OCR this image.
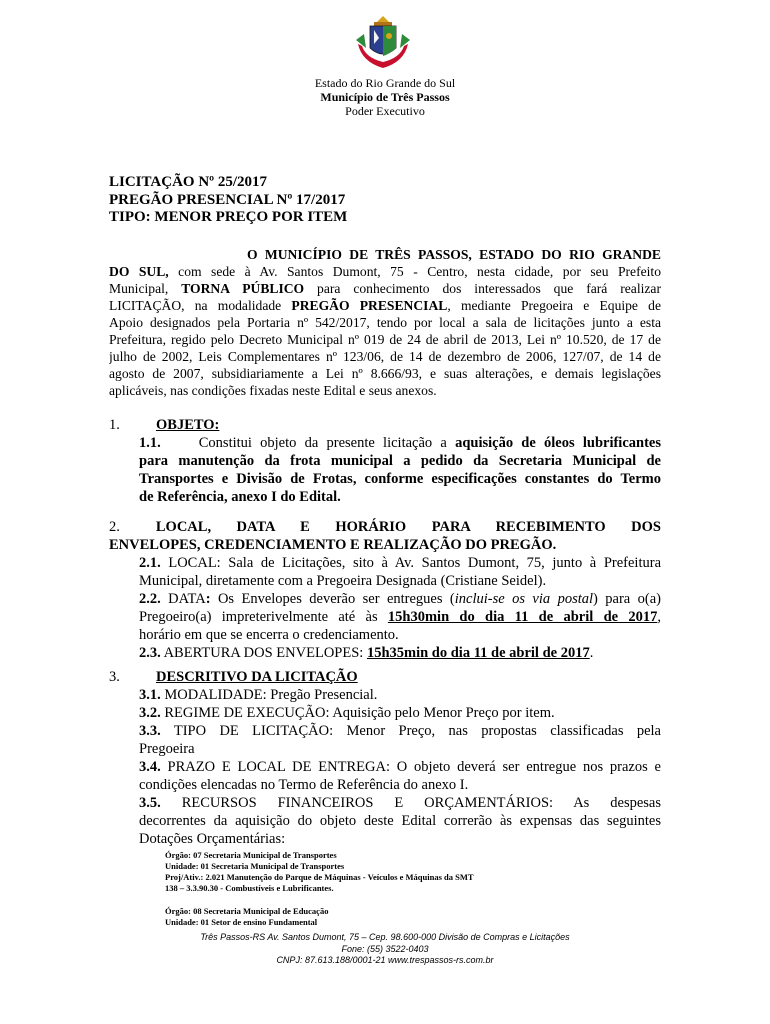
Estado do Rio Grande do Sul
Município de Três Passos
Poder Executivo
LICITAÇÃO Nº 25/2017
PREGÃO PRESENCIAL Nº 17/2017
TIPO: MENOR PREÇO POR ITEM
O MUNICÍPIO DE TRÊS PASSOS, ESTADO DO RIO GRANDE
DO SUL, com sede à Av. Santos Dumont, 75 - Centro, nesta cidade, por seu Prefeito
Municipal, TORNA PÚBLICO para conhecimento dos interessados que fará realizar
LICITAÇÃO, na modalidade PREGÃO PRESENCIAL, mediante Pregoeira e Equipe de
Apoio designados pela Portaria nº 542/2017, tendo por local a sala de licitações junto a esta
Prefeitura, regido pelo Decreto Municipal nº 019 de 24 de abril de 2013, Lei nº 10.520, de 17 de
julho de 2002, Leis Complementares nº 123/06, de 14 de dezembro de 2006, 127/07, de 14 de
agosto de 2007, subsidiariamente a Lei nº 8.666/93, e suas alterações, e demais legislações
aplicáveis, nas condições fixadas neste Edital e seus anexos.
1. OBJETO:
1.1.	Constitui objeto da presente licitação a aquisição de óleos lubrificantes
para manutenção da frota municipal a pedido da Secretaria Municipal de
Transportes e Divisão de Frotas, conforme especificações constantes do Termo
de Referência, anexo I do Edital.
2. LOCAL, DATA E HORÁRIO PARA RECEBIMENTO DOS
ENVELOPES, CREDENCIAMENTO E REALIZAÇÃO DO PREGÃO.
2.1. LOCAL: Sala de Licitações, sito à Av. Santos Dumont, 75, junto à Prefeitura
Municipal, diretamente com a Pregoeira Designada (Cristiane Seidel).
2.2. DATA: Os Envelopes deverão ser entregues (inclui-se os via postal) para o(a)
Pregoeiro(a) impreterivelmente até às 15h30min do dia 11 de abril de 2017,
horário em que se encerra o credenciamento.
2.3. ABERTURA DOS ENVELOPES: 15h35min do dia 11 de abril de 2017.
3. DESCRITIVO DA LICITAÇÃO
3.1. MODALIDADE: Pregão Presencial.
3.2. REGIME DE EXECUÇÃO: Aquisição pelo Menor Preço por item.
3.3. TIPO DE LICITAÇÃO: Menor Preço, nas propostas classificadas pela
Pregoeira
3.4. PRAZO E LOCAL DE ENTREGA: O objeto deverá ser entregue nos prazos e
condições elencadas no Termo de Referência do anexo I.
3.5. RECURSOS FINANCEIROS E ORÇAMENTÁRIOS: As despesas
decorrentes da aquisição do objeto deste Edital correrão às expensas das seguintes
Dotações Orçamentárias:
Órgão: 07 Secretaria Municipal de Transportes
Unidade: 01 Secretaria Municipal de Transportes
Proj/Ativ.: 2.021 Manutenção do Parque de Máquinas - Veículos e Máquinas da SMT
138 – 3.3.90.30 - Combustíveis e Lubrificantes.
Órgão: 08 Secretaria Municipal de Educação
Unidade: 01 Setor de ensino Fundamental
Três Passos-RS Av. Santos Dumont, 75 – Cep. 98.600-000 Divisão de Compras e Licitações
Fone: (55) 3522-0403
CNPJ: 87.613.188/0001-21 www.trespassos-rs.com.br
